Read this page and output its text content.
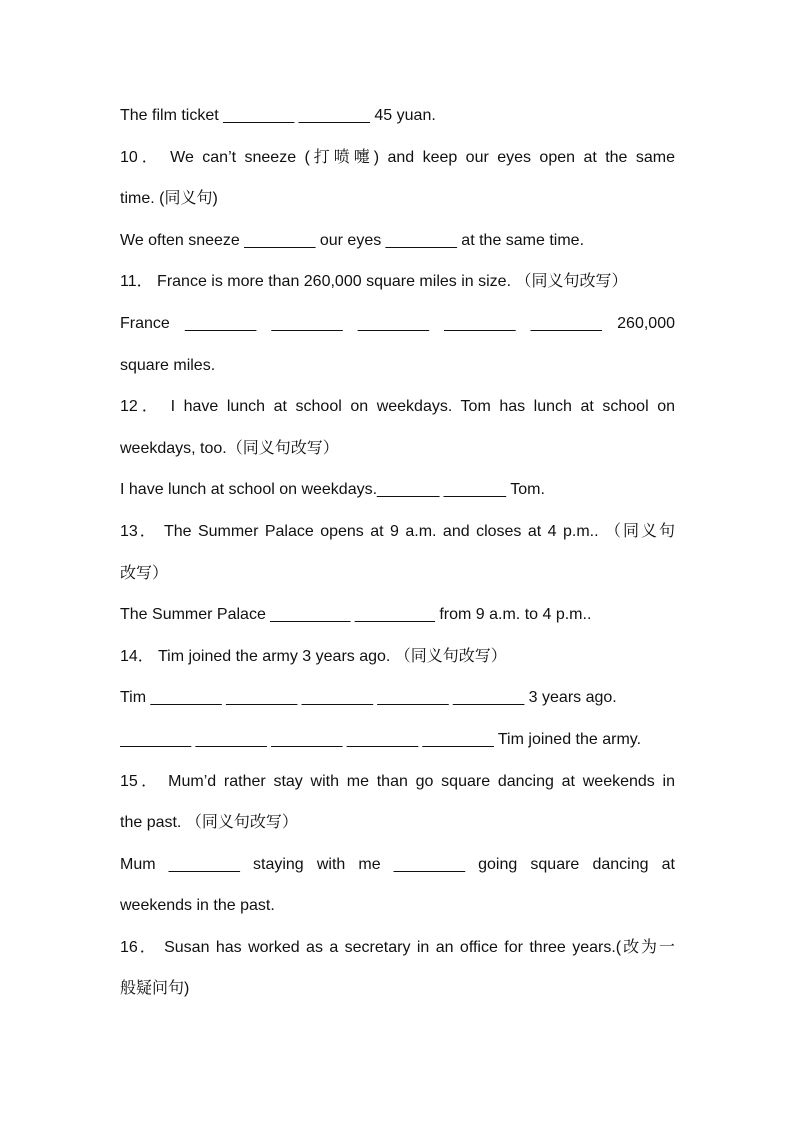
The film ticket ________ ________ 45 yuan.
10． We can’t sneeze (打喷嚏) and keep our eyes open at the same
time. (同义句)
We often sneeze ________ our eyes ________ at the same time.
11． France is more than 260,000 square miles in size. （同义句改写）
France ________ ________ ________ ________ ________ 260,000
square miles.
12． I have lunch at school on weekdays. Tom has lunch at school on
weekdays, too.（同义句改写）
I have lunch at school on weekdays._______ _______ Tom.
13． The Summer Palace opens at 9 a.m. and closes at 4 p.m.. （同义句
改写）
The Summer Palace _________ _________ from 9 a.m. to 4 p.m..
14． Tim joined the army 3 years ago. （同义句改写）
Tim ________ ________ ________ ________ ________ 3 years ago.
________ ________ ________ ________ ________ Tim joined the army.
15． Mum’d rather stay with me than go square dancing at weekends in
the past. （同义句改写）
Mum ________ staying with me ________ going square dancing at
weekends in the past.
16． Susan has worked as a secretary in an office for three years.(改为一
般疑问句)
